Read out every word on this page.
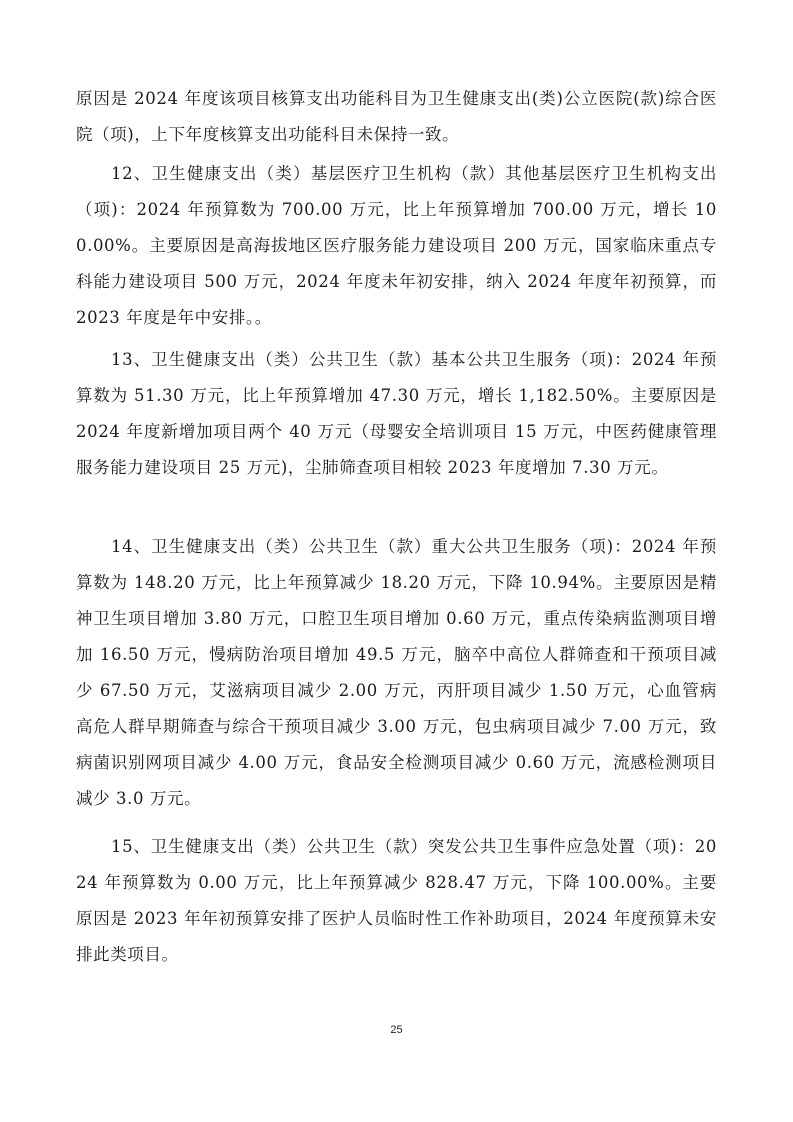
原因是 2024 年度该项目核算支出功能科目为卫生健康支出(类)公立医院(款)综合医院（项)，上下年度核算支出功能科目未保持一致。

12、卫生健康支出（类）基层医疗卫生机构（款）其他基层医疗卫生机构支出（项)：2024 年预算数为 700.00 万元，比上年预算增加 700.00 万元，增长 100.00%。主要原因是高海拔地区医疗服务能力建设项目 200 万元，国家临床重点专科能力建设项目 500 万元，2024 年度未年初安排，纳入 2024 年度年初预算，而 2023 年度是年中安排。。

13、卫生健康支出（类）公共卫生（款）基本公共卫生服务（项)：2024 年预算数为 51.30 万元，比上年预算增加 47.30 万元，增长 1,182.50%。主要原因是 2024 年度新增加项目两个 40 万元（母婴安全培训项目 15 万元，中医药健康管理服务能力建设项目 25 万元)，尘肺筛查项目相较 2023 年度增加 7.30 万元。

14、卫生健康支出（类）公共卫生（款）重大公共卫生服务（项)：2024 年预算数为 148.20 万元，比上年预算减少 18.20 万元，下降 10.94%。主要原因是精神卫生项目增加 3.80 万元，口腔卫生项目增加 0.60 万元，重点传染病监测项目增加 16.50 万元，慢病防治项目增加 49.5 万元，脑卒中高位人群筛查和干预项目减少 67.50 万元，艾滋病项目减少 2.00 万元，丙肝项目减少 1.50 万元，心血管病高危人群早期筛查与综合干预项目减少 3.00 万元，包虫病项目减少 7.00 万元，致病菌识别网项目减少 4.00 万元，食品安全检测项目减少 0.60 万元，流感检测项目减少 3.0 万元。

15、卫生健康支出（类）公共卫生（款）突发公共卫生事件应急处置（项)：2024 年预算数为 0.00 万元，比上年预算减少 828.47 万元，下降 100.00%。主要原因是 2023 年年初预算安排了医护人员临时性工作补助项目，2024 年度预算未安排此类项目。

25
